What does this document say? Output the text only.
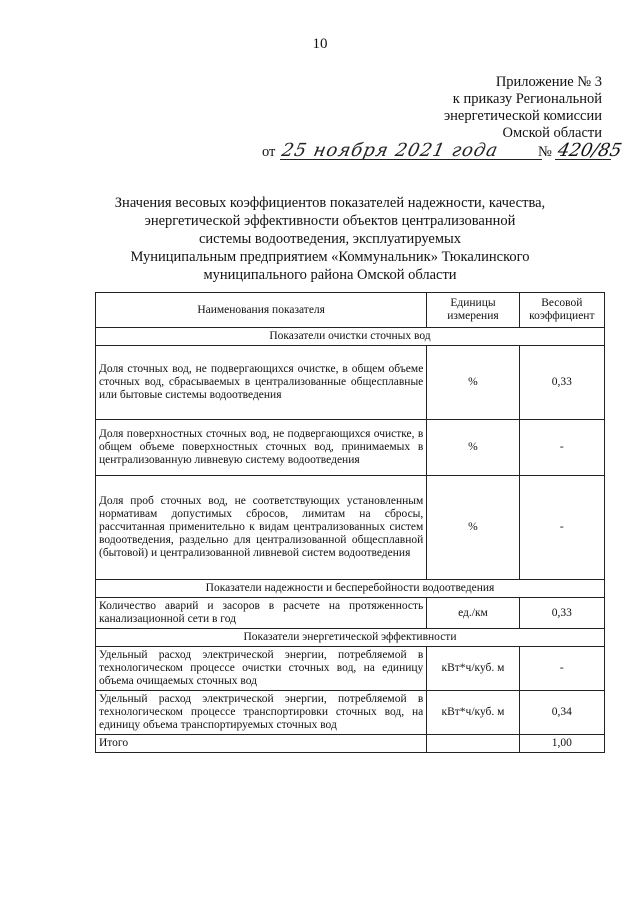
10
Приложение № 3
к приказу Региональной
энергетической комиссии
Омской области
от 25 ноября 2021 года	№ 420/85
Значения весовых коэффициентов показателей надежности, качества,
энергетической эффективности объектов централизованной
системы водоотведения, эксплуатируемых
Муниципальным предприятием «Коммунальник» Тюкалинского
муниципального района Омской области
Наименования показателя	Единицы измерения	Весовой коэффициент
Показатели очистки сточных вод		
Доля сточных вод, не подвергающихся очистке, в общем объеме сточных вод, сбрасываемых в централизованные общесплавные или бытовые системы водоотведения	%	0,33
Доля поверхностных сточных вод, не подвергающихся очистке, в общем объеме поверхностных сточных вод, принимаемых в централизованную ливневую систему водоотведения	%	-
Доля проб сточных вод, не соответствующих установленным нормативам допустимых сбросов, лимитам на сбросы, рассчитанная применительно к видам централизованных систем водоотведения, раздельно для централизованной общесплавной (бытовой) и централизованной ливневой систем водоотведения	%	-
Показатели надежности и бесперебойности водоотведения		
Количество аварий и засоров в расчете на протяженность канализационной сети в год	ед./км	0,33
Показатели энергетической эффективности		
Удельный расход электрической энергии, потребляемой в технологическом процессе очистки сточных вод, на единицу объема очищаемых сточных вод	кВт*ч/куб. м	-
Удельный расход электрической энергии, потребляемой в технологическом процессе транспортировки сточных вод, на единицу объема транспортируемых сточных вод	кВт*ч/куб. м	0,34
Итого		1,00
